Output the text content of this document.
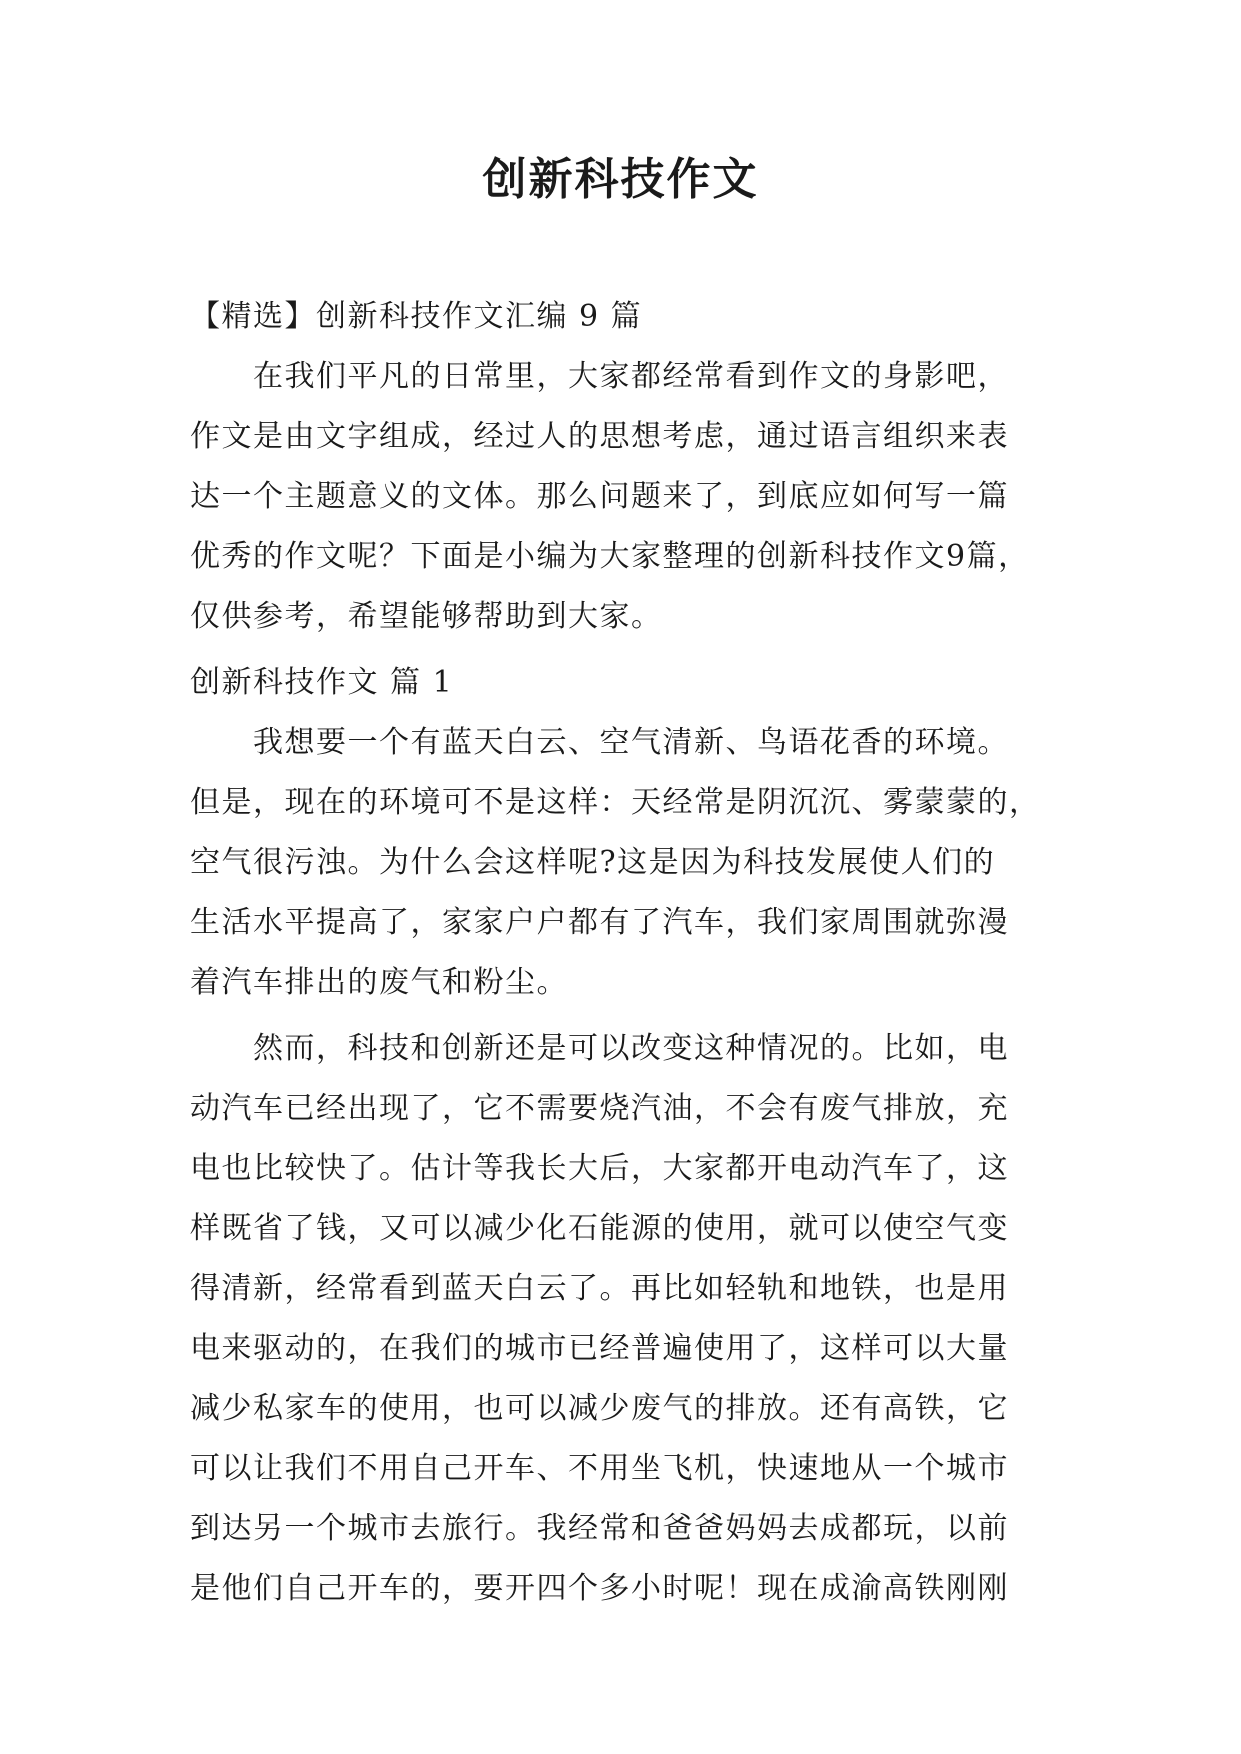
创新科技作文
【精选】创新科技作文汇编 9 篇
　　在我们平凡的日常里，大家都经常看到作文的身影吧，
作文是由文字组成，经过人的思想考虑，通过语言组织来表
达一个主题意义的文体。那么问题来了，到底应如何写一篇
优秀的作文呢？下面是小编为大家整理的创新科技作文9篇，
仅供参考，希望能够帮助到大家。
创新科技作文 篇 1
　　我想要一个有蓝天白云、空气清新、鸟语花香的环境。
但是，现在的环境可不是这样：天经常是阴沉沉、雾蒙蒙的，
空气很污浊。为什么会这样呢?这是因为科技发展使人们的
生活水平提高了，家家户户都有了汽车，我们家周围就弥漫
着汽车排出的废气和粉尘。
　　然而，科技和创新还是可以改变这种情况的。比如，电
动汽车已经出现了，它不需要烧汽油，不会有废气排放，充
电也比较快了。估计等我长大后，大家都开电动汽车了，这
样既省了钱，又可以减少化石能源的使用，就可以使空气变
得清新，经常看到蓝天白云了。再比如轻轨和地铁，也是用
电来驱动的，在我们的城市已经普遍使用了，这样可以大量
减少私家车的使用，也可以减少废气的排放。还有高铁，它
可以让我们不用自己开车、不用坐飞机，快速地从一个城市
到达另一个城市去旅行。我经常和爸爸妈妈去成都玩，以前
是他们自己开车的，要开四个多小时呢！现在成渝高铁刚刚
